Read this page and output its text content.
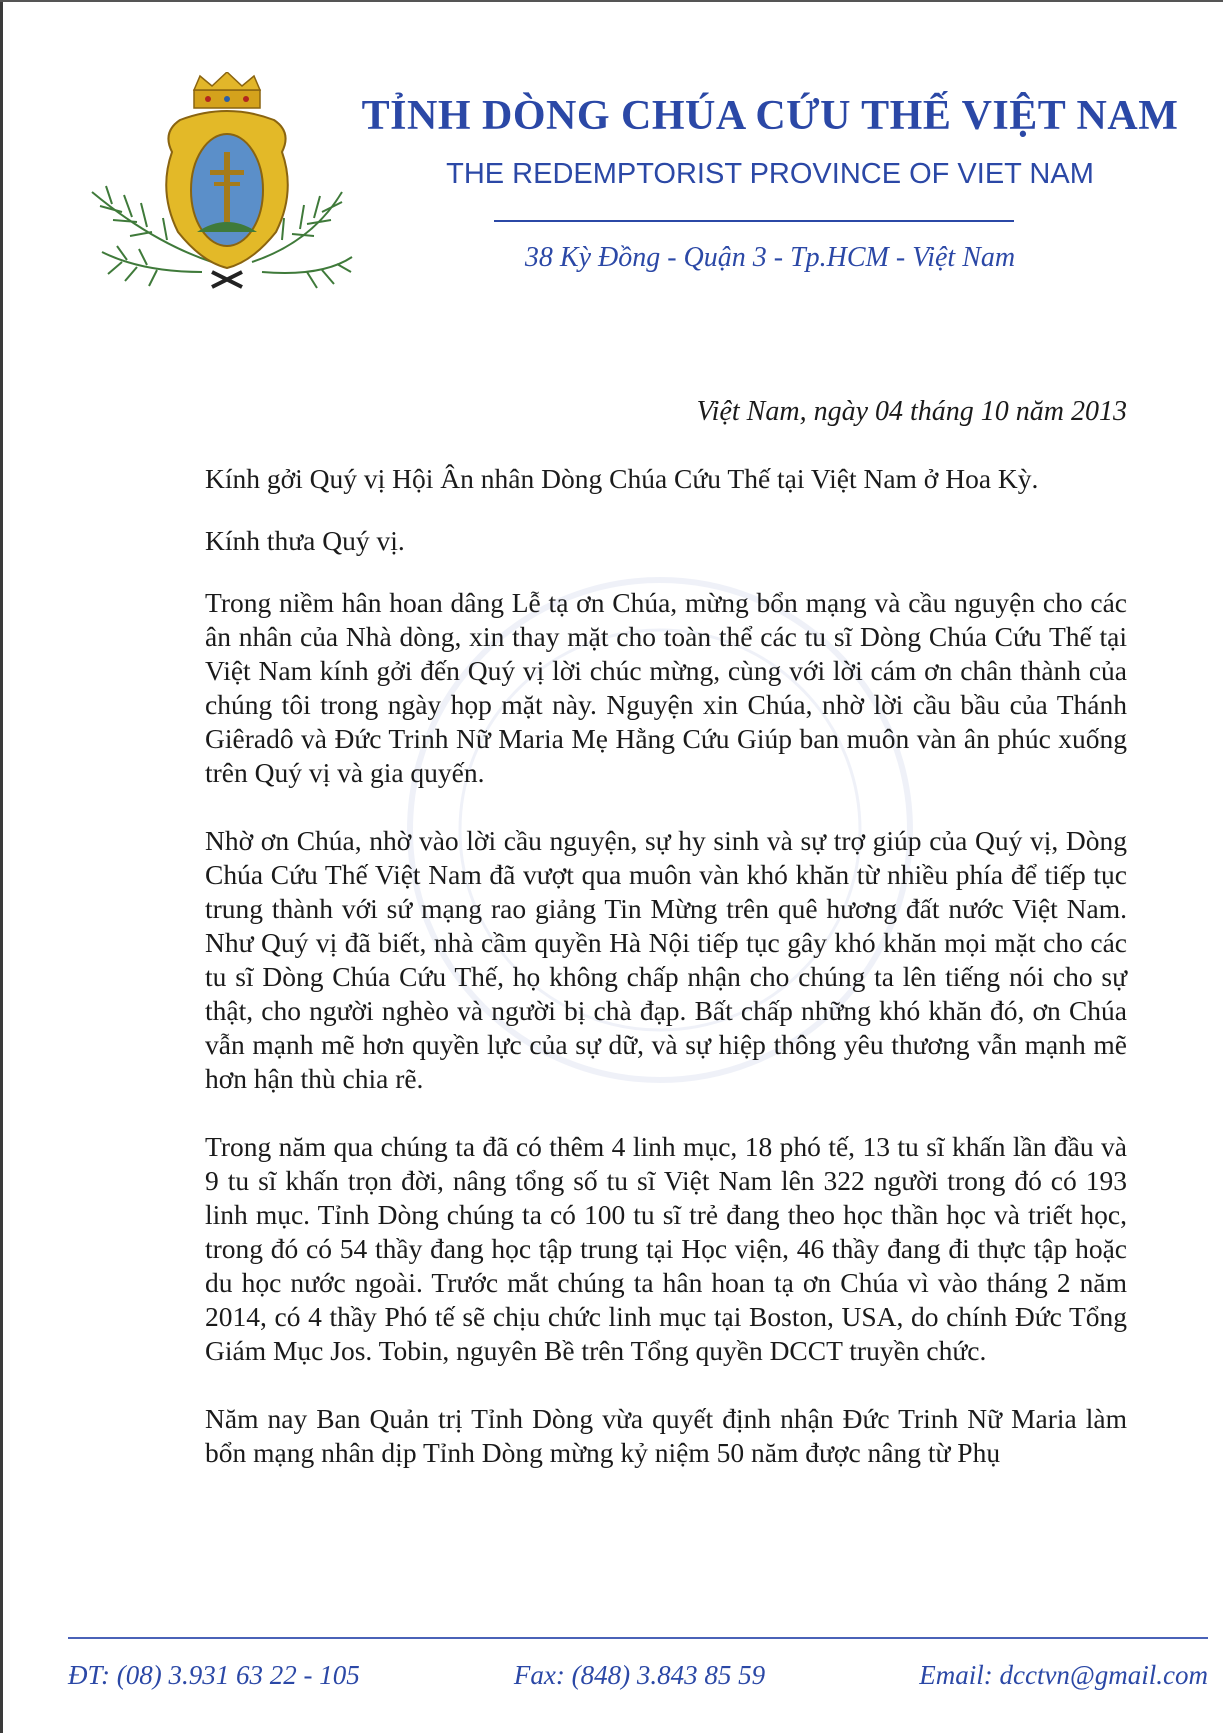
TỈNH DÒNG CHÚA CỨU THẾ VIỆT NAM
THE REDEMPTORIST PROVINCE OF VIET NAM
38 Kỳ Đồng - Quận 3 - Tp.HCM - Việt Nam
Việt Nam, ngày 04 tháng 10 năm 2013

Kính gởi Quý vị Hội Ân nhân Dòng Chúa Cứu Thế tại Việt Nam ở Hoa Kỳ.

Kính thưa Quý vị.

Trong niềm hân hoan dâng Lễ tạ ơn Chúa, mừng bổn mạng và cầu nguyện cho các ân nhân của Nhà dòng, xin thay mặt cho toàn thể các tu sĩ Dòng Chúa Cứu Thế tại Việt Nam kính gởi đến Quý vị lời chúc mừng, cùng với lời cám ơn chân thành của chúng tôi trong ngày họp mặt này. Nguyện xin Chúa, nhờ lời cầu bầu của Thánh Giêradô và Đức Trinh Nữ Maria Mẹ Hằng Cứu Giúp ban muôn vàn ân phúc xuống trên Quý vị và gia quyến.

Nhờ ơn Chúa, nhờ vào lời cầu nguyện, sự hy sinh và sự trợ giúp của Quý vị, Dòng Chúa Cứu Thế Việt Nam đã vượt qua muôn vàn khó khăn từ nhiều phía để tiếp tục trung thành với sứ mạng rao giảng Tin Mừng trên quê hương đất nước Việt Nam. Như Quý vị đã biết, nhà cầm quyền Hà Nội tiếp tục gây khó khăn mọi mặt cho các tu sĩ Dòng Chúa Cứu Thế, họ không chấp nhận cho chúng ta lên tiếng nói cho sự thật, cho người nghèo và người bị chà đạp. Bất chấp những khó khăn đó, ơn Chúa vẫn mạnh mẽ hơn quyền lực của sự dữ, và sự hiệp thông yêu thương vẫn mạnh mẽ hơn hận thù chia rẽ.

Trong năm qua chúng ta đã có thêm 4 linh mục, 18 phó tế, 13 tu sĩ khấn lần đầu và 9 tu sĩ khấn trọn đời, nâng tổng số tu sĩ Việt Nam lên 322 người trong đó có 193 linh mục. Tỉnh Dòng chúng ta có 100 tu sĩ trẻ đang theo học thần học và triết học, trong đó có 54 thầy đang học tập trung tại Học viện, 46 thầy đang đi thực tập hoặc du học nước ngoài. Trước mắt chúng ta hân hoan tạ ơn Chúa vì vào tháng 2 năm 2014, có 4 thầy Phó tế sẽ chịu chức linh mục tại Boston, USA, do chính Đức Tổng Giám Mục Jos. Tobin, nguyên Bề trên Tổng quyền DCCT truyền chức.

Năm nay Ban Quản trị Tỉnh Dòng vừa quyết định nhận Đức Trinh Nữ Maria làm bổn mạng nhân dịp Tỉnh Dòng mừng kỷ niệm 50 năm được nâng từ Phụ

ĐT: (08) 3.931 63 22 - 105	Fax: (848) 3.843 85 59	Email: dcctvn@gmail.com
